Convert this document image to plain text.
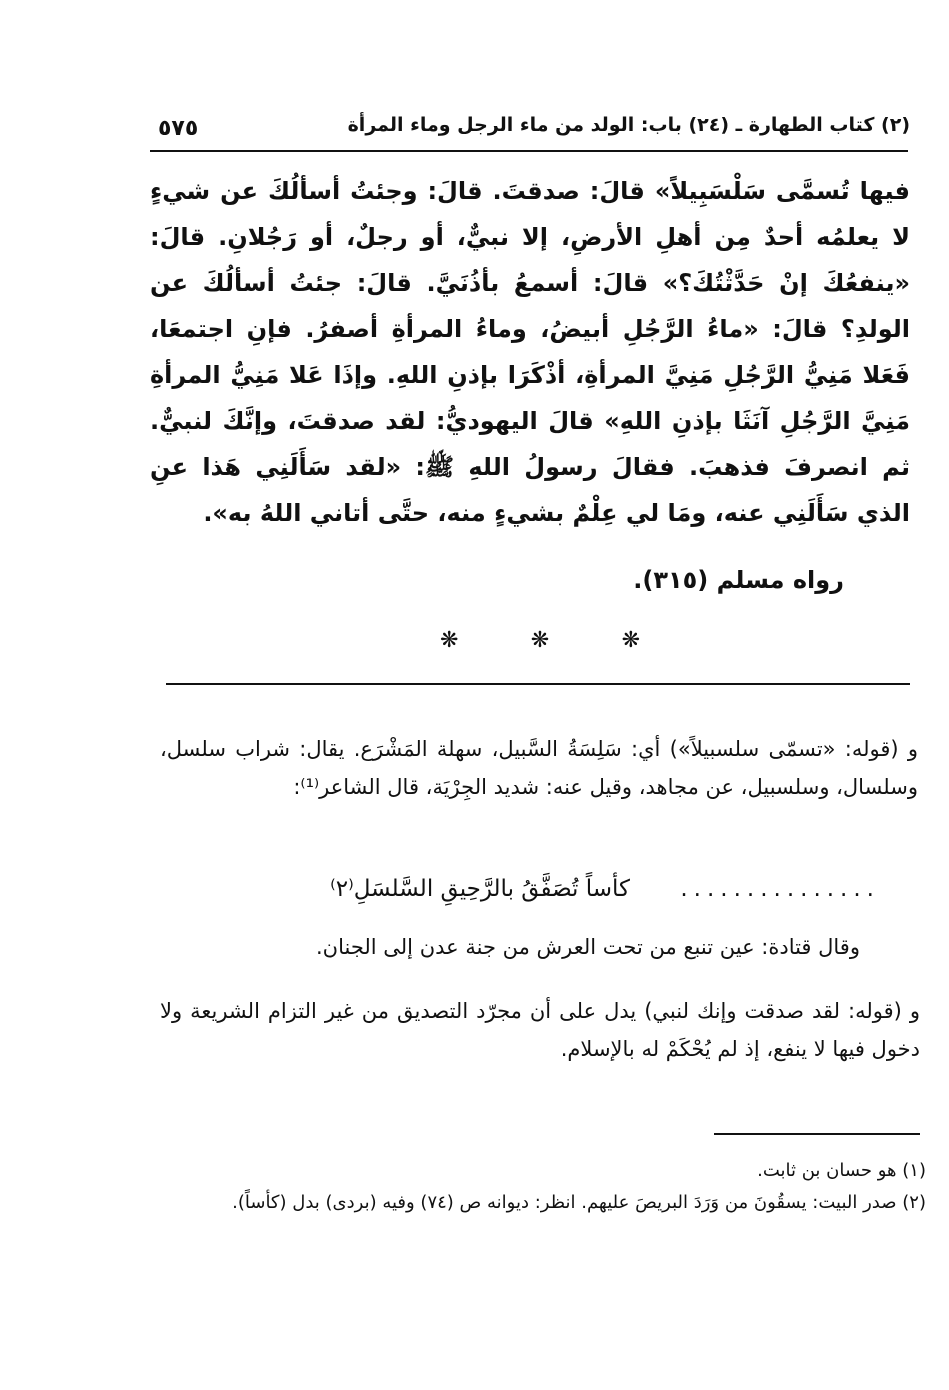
٥٧٥	(٢) كتاب الطهارة ـ (٢٤) باب: الولد من ماء الرجل وماء المرأة

فيها تُسمَّى سَلْسَبِيلاً» قالَ: صدقتَ. قالَ: وجئتُ أسألُكَ عن شيءٍ لا يعلمُه أحدٌ مِن أهلِ الأرضِ، إلا نبيٌّ، أو رجلٌ، أو رَجُلانِ. قالَ: «ينفعُكَ إنْ حَدَّثْتُكَ؟» قالَ: أسمعُ بأذُنَيَّ. قالَ: جئتُ أسألُكَ عن الولدِ؟ قالَ: «ماءُ الرَّجُلِ أبيضُ، وماءُ المرأةِ أصفرُ. فإنِ اجتمعَا، فَعَلا مَنِيُّ الرَّجُلِ مَنِيَّ المرأةِ، أذْكَرَا بإذنِ اللهِ. وإذَا عَلا مَنِيُّ المرأةِ مَنِيَّ الرَّجُلِ آنَثَا بإذنِ اللهِ» قالَ اليهوديُّ: لقد صدقتَ، وإنَّكَ لنبيٌّ. ثم انصرفَ فذهبَ. فقالَ رسولُ اللهِ ﷺ: «لقد سَأَلَنِي هَذا عنِ الذي سَأَلَنِي عنه، ومَا لي عِلْمٌ بشيءٍ منه، حتَّى أتاني اللهُ به».

رواه مسلم (٣١٥).
❋	❋	❋

و (قوله: «تسمّى سلسبيلاً») أي: سَلِسَةُ السَّبيل، سهلة المَشْرَع. يقال: شراب سلسل، وسلسال، وسلسبيل، عن مجاهد، وقيل عنه: شديد الجِرْيَة، قال الشاعر⁽¹⁾:

كأساً تُصَفَّقُ بالرَّحِيقِ السَّلسَلِ⁽٢⁾ ...............
وقال قتادة: عين تنبع من تحت العرش من جنة عدن إلى الجنان.
و (قوله: لقد صدقت وإنك لنبي) يدل على أن مجرّد التصديق من غير التزام الشريعة ولا دخول فيها لا ينفع، إذ لم يُحْكَمْ له بالإسلام.

(١) هو حسان بن ثابت.

(٢) صدر البيت: يسقُونَ من وَرَدَ البريصَ عليهم. انظر: ديوانه ص (٧٤) وفيه (بردى) بدل (كأساً).
